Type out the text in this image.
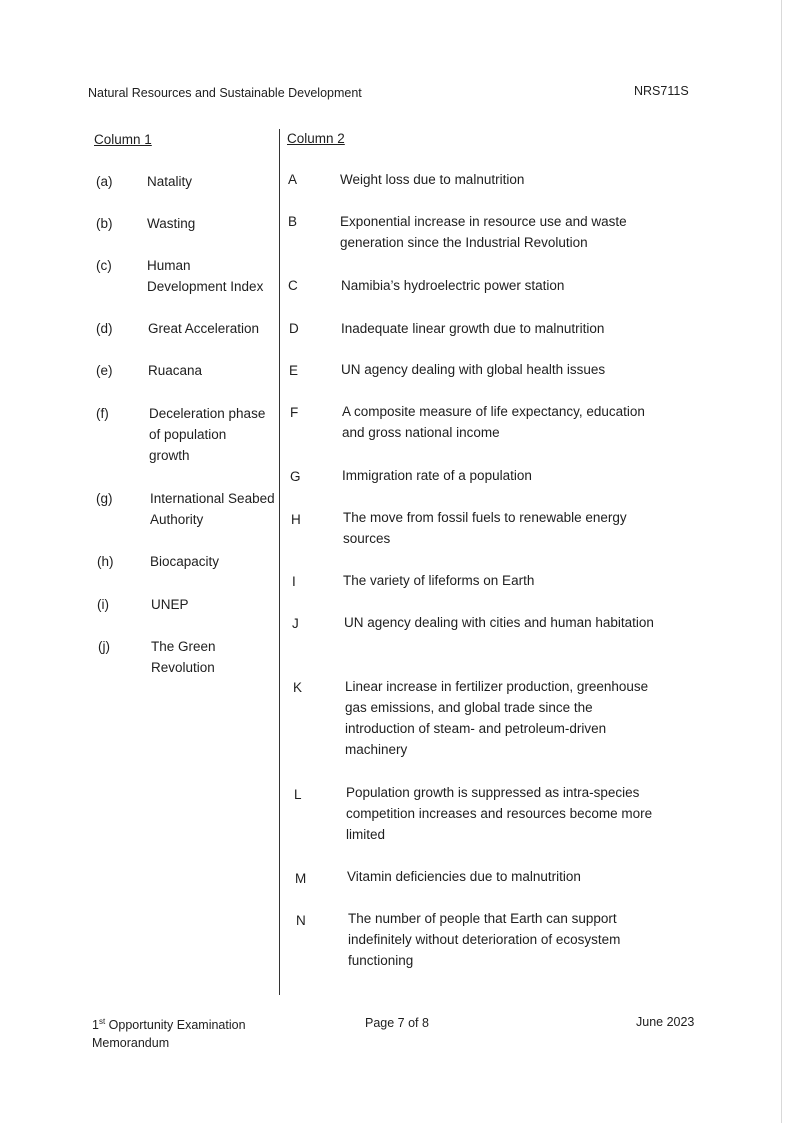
Natural Resources and Sustainable Development	NRS711S
Column 1	Column 2
(a)	Natality
(b)	Wasting
(c)	Human
Development Index
(d)	Great Acceleration
(e)	Ruacana
(f)	Deceleration phase
of population
growth
(g)	International Seabed
Authority
(h)	Biocapacity
(i)	UNEP
(j)	The Green
Revolution
A	Weight loss due to malnutrition
B	Exponential increase in resource use and waste
generation since the Industrial Revolution
C	Namibia’s hydroelectric power station
D	Inadequate linear growth due to malnutrition
E	UN agency dealing with global health issues
F	A composite measure of life expectancy, education
and gross national income
G	Immigration rate of a population
H	The move from fossil fuels to renewable energy
sources
I	The variety of lifeforms on Earth
J	UN agency dealing with cities and human habitation
K	Linear increase in fertilizer production, greenhouse
gas emissions, and global trade since the
introduction of steam- and petroleum-driven
machinery
L	Population growth is suppressed as intra-species
competition increases and resources become more
limited
M	Vitamin deficiencies due to malnutrition
N	The number of people that Earth can support
indefinitely without deterioration of ecosystem
functioning
1st Opportunity Examination
Memorandum
Page 7 of 8	June 2023
